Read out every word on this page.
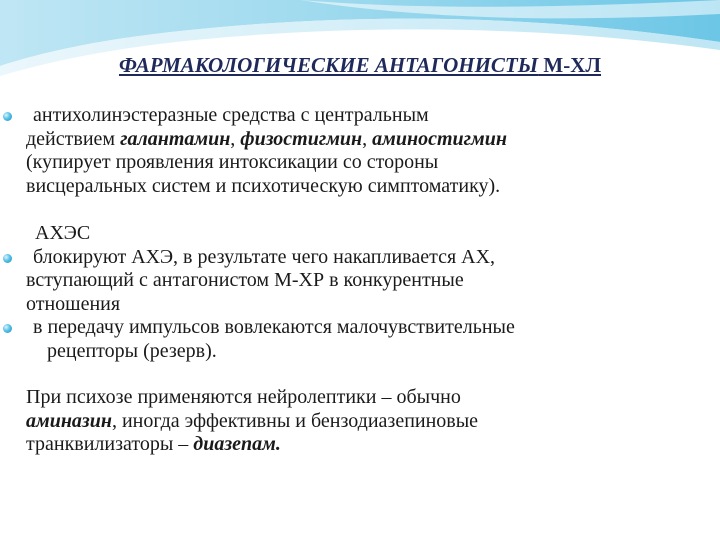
ФАРМАКОЛОГИЧЕСКИЕ АНТАГОНИСТЫ М-ХЛ

антихолинэстеразные средства с центральным
действием галантамин, физостигмин, аминостигмин
(купирует проявления интоксикации со стороны
висцеральных систем и психотическую симптоматику).

АХЭС

блокируют АХЭ, в результате чего накапливается АХ,
вступающий с антагонистом М-ХР в конкурентные
отношения

в передачу импульсов вовлекаются малочувствительные
рецепторы (резерв).

При психозе применяются нейролептики – обычно
аминазин, иногда эффективны и бензодиазепиновые
транквилизаторы – диазепам.
